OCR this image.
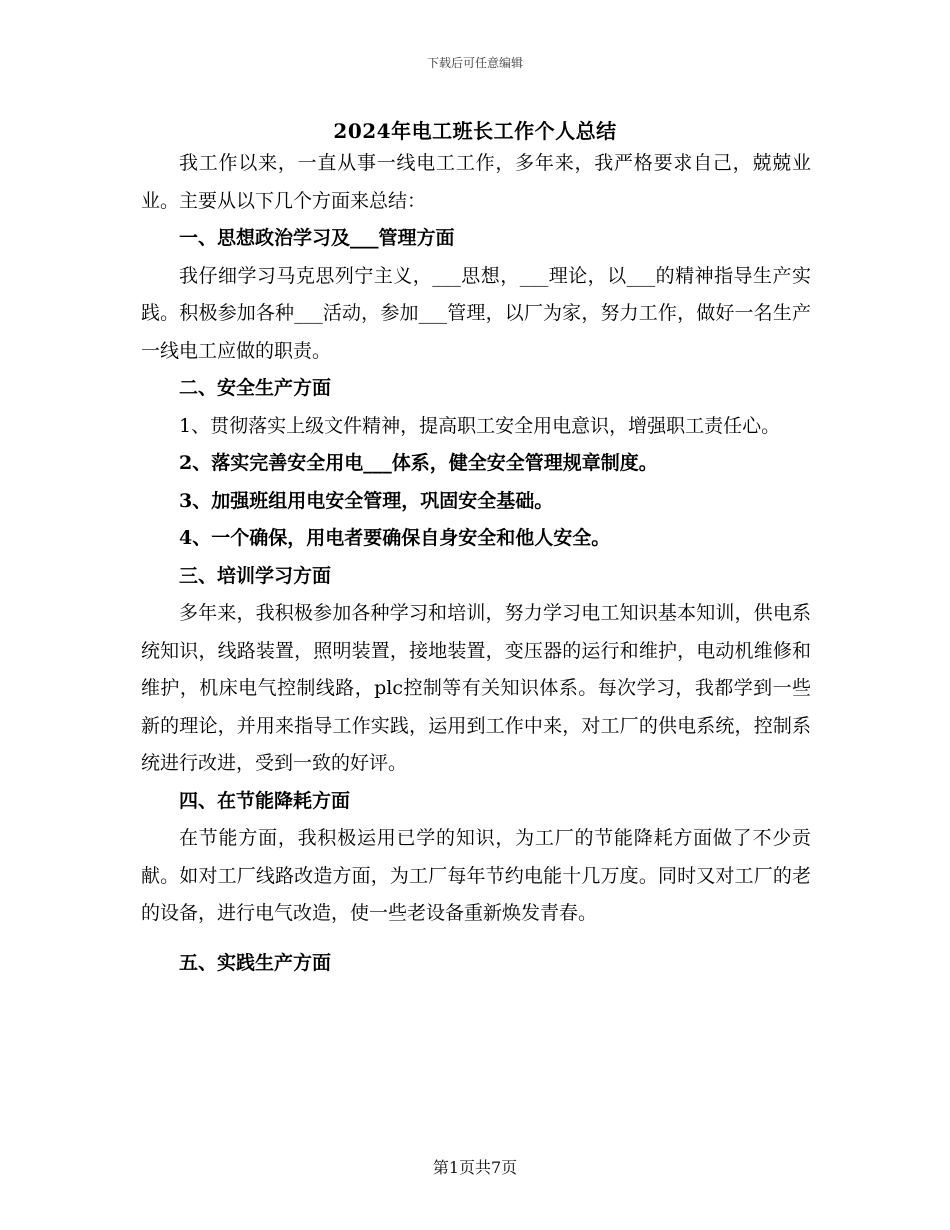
下载后可任意编辑
2024年电工班长工作个人总结

我工作以来，一直从事一线电工工作，多年来，我严格要求自己，兢兢业业。主要从以下几个方面来总结：

一、思想政治学习及___管理方面

我仔细学习马克思列宁主义，___思想，___理论，以___的精神指导生产实践。积极参加各种___活动，参加___管理，以厂为家，努力工作，做好一名生产一线电工应做的职责。

二、安全生产方面

1、贯彻落实上级文件精神，提高职工安全用电意识，增强职工责任心。

2、落实完善安全用电___体系，健全安全管理规章制度。

3、加强班组用电安全管理，巩固安全基础。

4、一个确保，用电者要确保自身安全和他人安全。

三、培训学习方面

多年来，我积极参加各种学习和培训，努力学习电工知识基本知训，供电系统知识，线路装置，照明装置，接地装置，变压器的运行和维护，电动机维修和维护，机床电气控制线路，plc控制等有关知识体系。每次学习，我都学到一些新的理论，并用来指导工作实践，运用到工作中来，对工厂的供电系统，控制系统进行改进，受到一致的好评。

四、在节能降耗方面

在节能方面，我积极运用已学的知识，为工厂的节能降耗方面做了不少贡献。如对工厂线路改造方面，为工厂每年节约电能十几万度。同时又对工厂的老的设备，进行电气改造，使一些老设备重新焕发青春。

五、实践生产方面

第1页共7页
